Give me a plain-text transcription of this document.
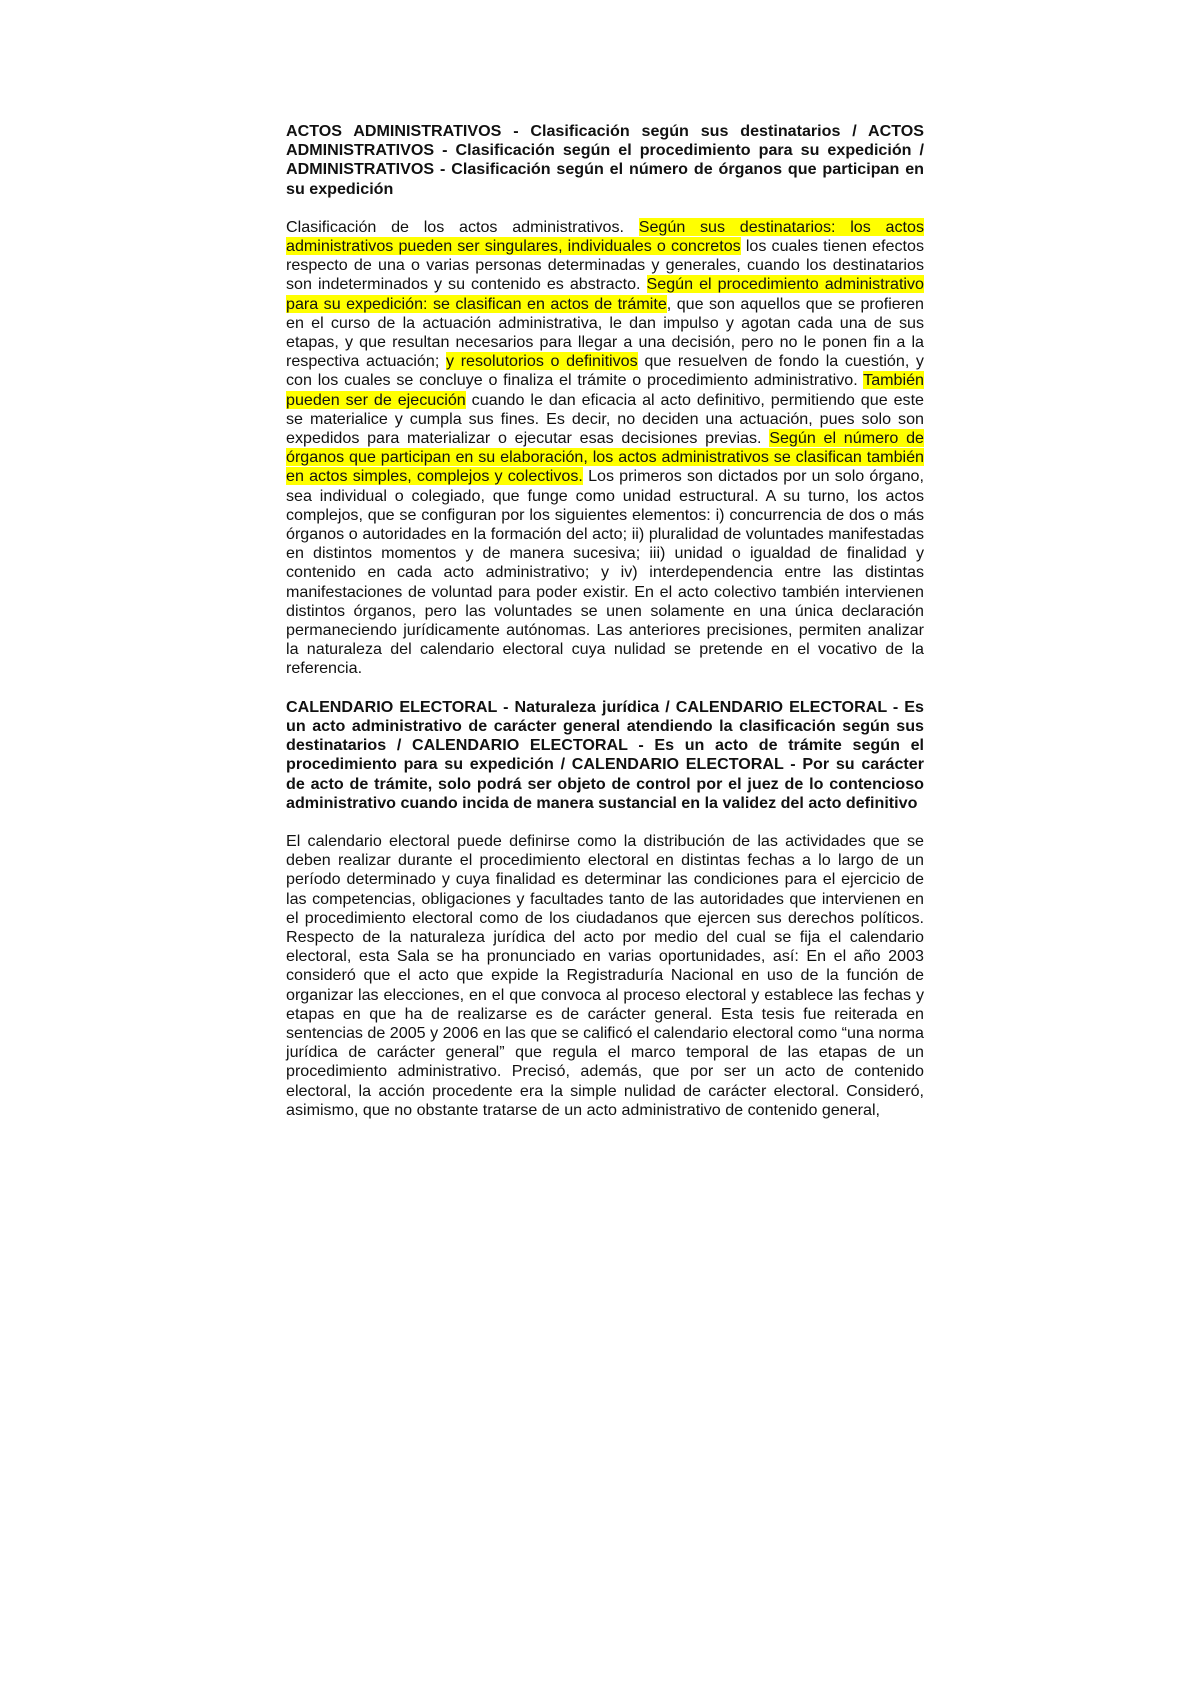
ACTOS ADMINISTRATIVOS - Clasificación según sus destinatarios / ACTOS ADMINISTRATIVOS - Clasificación según el procedimiento para su expedición / ADMINISTRATIVOS - Clasificación según el número de órganos que participan en su expedición

Clasificación de los actos administrativos. Según sus destinatarios: los actos administrativos pueden ser singulares, individuales o concretos los cuales tienen efectos respecto de una o varias personas determinadas y generales, cuando los destinatarios son indeterminados y su contenido es abstracto. Según el procedimiento administrativo para su expedición: se clasifican en actos de trámite, que son aquellos que se profieren en el curso de la actuación administrativa, le dan impulso y agotan cada una de sus etapas, y que resultan necesarios para llegar a una decisión, pero no le ponen fin a la respectiva actuación; y resolutorios o definitivos que resuelven de fondo la cuestión, y con los cuales se concluye o finaliza el trámite o procedimiento administrativo. También pueden ser de ejecución cuando le dan eficacia al acto definitivo, permitiendo que este se materialice y cumpla sus fines. Es decir, no deciden una actuación, pues solo son expedidos para materializar o ejecutar esas decisiones previas. Según el número de órganos que participan en su elaboración, los actos administrativos se clasifican también en actos simples, complejos y colectivos. Los primeros son dictados por un solo órgano, sea individual o colegiado, que funge como unidad estructural. A su turno, los actos complejos, que se configuran por los siguientes elementos: i) concurrencia de dos o más órganos o autoridades en la formación del acto; ii) pluralidad de voluntades manifestadas en distintos momentos y de manera sucesiva; iii) unidad o igualdad de finalidad y contenido en cada acto administrativo; y iv) interdependencia entre las distintas manifestaciones de voluntad para poder existir. En el acto colectivo también intervienen distintos órganos, pero las voluntades se unen solamente en una única declaración permaneciendo jurídicamente autónomas. Las anteriores precisiones, permiten analizar la naturaleza del calendario electoral cuya nulidad se pretende en el vocativo de la referencia.

CALENDARIO ELECTORAL - Naturaleza jurídica / CALENDARIO ELECTORAL - Es un acto administrativo de carácter general atendiendo la clasificación según sus destinatarios / CALENDARIO ELECTORAL - Es un acto de trámite según el procedimiento para su expedición / CALENDARIO ELECTORAL - Por su carácter de acto de trámite, solo podrá ser objeto de control por el juez de lo contencioso administrativo cuando incida de manera sustancial en la validez del acto definitivo

El calendario electoral puede definirse como la distribución de las actividades que se deben realizar durante el procedimiento electoral en distintas fechas a lo largo de un período determinado y cuya finalidad es determinar las condiciones para el ejercicio de las competencias, obligaciones y facultades tanto de las autoridades que intervienen en el procedimiento electoral como de los ciudadanos que ejercen sus derechos políticos. Respecto de la naturaleza jurídica del acto por medio del cual se fija el calendario electoral, esta Sala se ha pronunciado en varias oportunidades, así: En el año 2003 consideró que el acto que expide la Registraduría Nacional en uso de la función de organizar las elecciones, en el que convoca al proceso electoral y establece las fechas y etapas en que ha de realizarse es de carácter general. Esta tesis fue reiterada en sentencias de 2005 y 2006 en las que se calificó el calendario electoral como “una norma jurídica de carácter general” que regula el marco temporal de las etapas de un procedimiento administrativo. Precisó, además, que por ser un acto de contenido electoral, la acción procedente era la simple nulidad de carácter electoral. Consideró, asimismo, que no obstante tratarse de un acto administrativo de contenido general,
